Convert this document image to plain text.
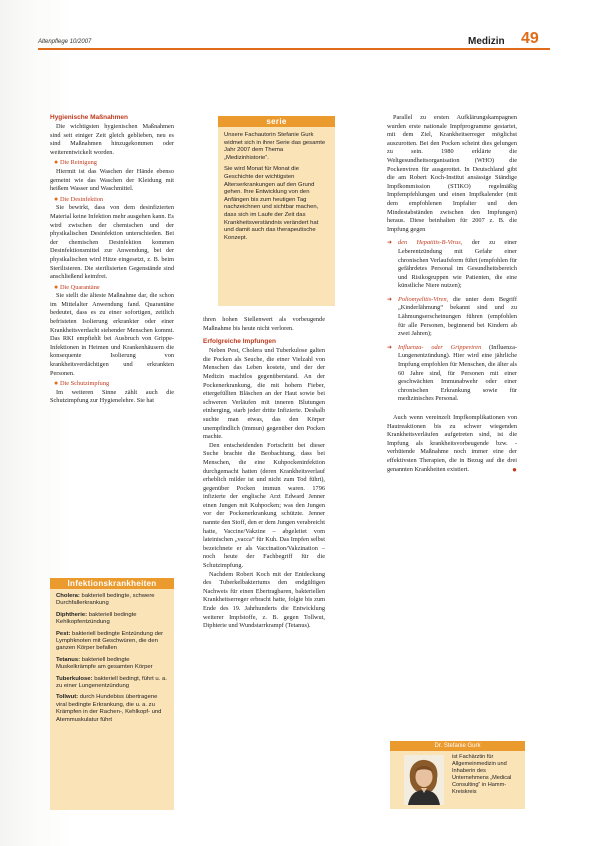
Altenpflege 10/2007	Medizin 49
Hygienische Maßnahmen

Die wichtigsten hygienischen Maßnahmen sind seit einiger Zeit gleich geblieben, neu es sind Maßnahmen hinzugekommen oder weiterentwickelt worden.

● Die Reinigung

Hiermit ist das Waschen der Hände ebenso gemeint wie das Waschen der Kleidung mit heißem Wasser und Waschmittel.

● Die Desinfektion

Sie bewirkt, dass von dem desinfizierten Material keine Infektion mehr ausgehen kann. Es wird zwischen der chemischen und der physikalischen Desinfektion unterschieden. Bei der chemischen Desinfektion kommen Desinfektionsmittel zur Anwendung, bei der physikalischen wird Hitze eingesetzt, z. B. beim Sterilisieren. Die sterilisierten Gegenstände sind anschließend keimfrei.

● Die Quarantäne

Sie stellt die älteste Maßnahme dar, die schon im Mittelalter Anwendung fand. Quarantäne bedeutet, dass es zu einer sofortigen, zeitlich befristeten Isolierung erkrankter oder einer Krankheitsverdacht stehender Menschen kommt. Das RKI empfiehlt bei Ausbruch von Grippe-Infektionen in Heimen und Krankenhäusern die konsequente Isolierung von krankheitsverdächtigen und erkrankten Personen.

● Die Schutzimpfung

Im weiteren Sinne zählt auch die Schutzimpfung zur Hygienelehre. Sie hat

serie

Unsere Fachautorin Stefanie Gurk widmet sich in ihrer Serie das gesamte Jahr 2007 dem Thema „Medizinhistorie“.

Sie wird Monat für Monat die Geschichte der wichtigsten Alterserkrankungen auf den Grund gehen. Ihre Entwicklung von den Anfängen bis zum heutigen Tag nachzeichnen und sichtbar machen, dass sich im Laufe der Zeit das Krankheitsverständnis verändert hat und damit auch das therapeutische Konzept.

ihren hohen Stellenwert als vorbeugende Maßnahme bis heute nicht verloren.

Erfolgreiche Impfungen

Neben Pest, Cholera und Tuberkulose galten die Pocken als Seuche, die einer Vielzahl von Menschen das Leben kostete, und der der Medizin machtlos gegenüberstand. An der Pockenerkrankung, die mit hohem Fieber, eitergefüllten Bläschen an der Haut sowie bei schweren Verläufen mit inneren Blutungen einherging, starb jeder dritte Infizierte. Deshalb suchte man etwas, das den Körper unempfindlich (immun) gegenüber den Pocken machte.

Den entscheidenden Fortschritt bei dieser Suche brachte die Beobachtung, dass bei Menschen, die eine Kuhpockeninfektion durchgemacht hatten (deren Krankheitsverlauf erheblich milder ist und nicht zum Tod führt), gegenüber Pocken immun waren. 1796 infizierte der englische Arzt Edward Jenner einen Jungen mit Kuhpocken; was den Jungen vor der Pockenerkrankung schützte. Jenner nannte den Stoff, den er dem Jungen verabreicht hatte, Vaccine/Vakzine – abgeleitet vom lateinischen „vacca“ für Kuh. Das Impfen selbst bezeichnete er als Vaccination/Vakzination – noch heute der Fachbegriff für die Schutzimpfung.

Nachdem Robert Koch mit der Entdeckung des Tuberkelbakteriums den endgültigen Nachweis für einen Ebertragbaren, bakteriellen Krankheitserreger erbracht hatte, folgte bis zum Ende des 19. Jahrhunderts die Entwicklung weiterer Impfstoffe, z. B. gegen Tollwut, Diphterie und Wundstarrkrampf (Tetanus).

Parallel zu ersten Aufklärungskampagnen wurden erste nationale Impfprogramme gestartet, mit dem Ziel, Krankheitserreger möglichst auszurotten. Bei den Pocken scheint dies gelungen zu sein. 1980 erklärte die Weltgesundheitsorganisation (WHO) die Pockenviren für ausgerottet. In Deutschland gibt die am Robert Koch-Institut ansässige Ständige Impfkommission (STIKO) regelmäßig Impfempfehlungen und einen Impfkalender (mit dem empfohlenen Impfalter und den Mindestabständen zwischen den Impfungen) heraus. Diese beinhalten für 2007 z. B. die Impfung gegen

➜ den Hepatitis-B-Virus, der zu einer Leberentzündung mit Gefahr einer chronischen Verlaufsform führt (empfohlen für gefährdetes Personal im Gesundheitsbereich und Risikogruppen wie Patienten, die eine künstliche Niere nutzen);
➜ Poliomyelitis-Viren, die unter dem Begriff „Kinderlähmung“ bekannt sind und zu Lähmungserscheinungen führen (empfohlen für alle Personen, beginnend bei Kindern ab zwei Jahren);
➜ Influenza- oder Grippeviren (Influenza-Lungenentzündung). Hier wird eine jährliche Impfung empfohlen für Menschen, die älter als 60 Jahre sind, für Personen mit einer geschwächten Immunabwehr oder einer chronischen Erkrankung sowie für medizinisches Personal.

Auch wenn vereinzelt Impfkomplikationen von Hautreaktionen bis zu schwer wiegenden Krankheitsverläufen aufgetreten sind, ist die Impfung als krankheitsvorbeugende bzw. -verhütende Maßnahme noch immer eine der effektivsten Therapien, die in Bezug auf die drei genannten Krankheiten existiert.	●

Infektionskrankheiten

Cholera: bakteriell bedingte, schwere Durchfallerkrankung

Diphtherie: bakteriell bedingte Kehlkopfentzündung

Pest: bakteriell bedingte Entzündung der Lymphknoten mit Geschwüren, die den ganzen Körper befallen

Tetanus: bakteriell bedingte Muskelkrämpfe am gesamten Körper

Tuberkulose: bakteriell bedingt, führt u. a. zu einer Lungenentzündung

Tollwut: durch Hundebiss übertragene viral bedingte Erkrankung, die u. a. zu Krämpfen in der Rachen-, Kehlkopf- und Atemmuskulatur führt

Dr. Stefanie Gurk
ist Fachärztin für Allgemeinmedizin und Inhaberin des Unternehmens „Medical Consulting“ in Hamm-Kreiskreis
